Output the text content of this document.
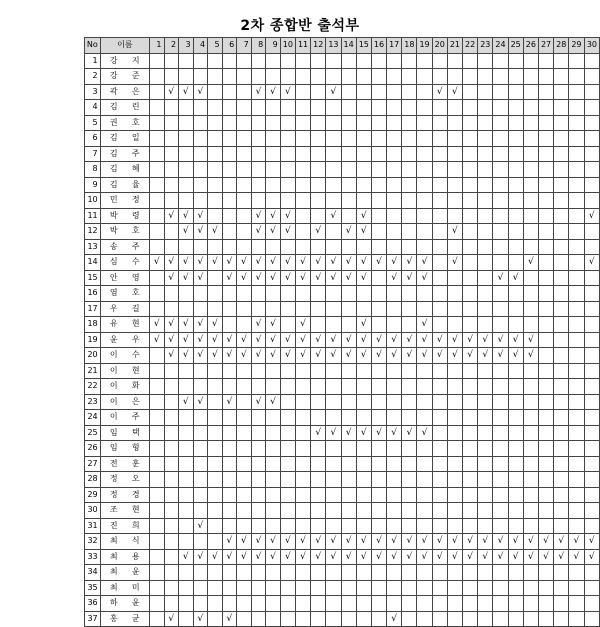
2차 종합반 출석부
No	이름	1	2	3	4	5	6	7	8	9	10	11	12	13	14	15	16	17	18	19	20	21	22	23	24	25	26	27	28	29	30
1	강 지																														
2	강 준																														
3	곽 은		√	√	√				√	√	√			√							√	√									
4	김 린																														
5	권 호																														
6	김 일																														
7	김 주																														
8	김 혜																														
9	김 율																														
10	민 정																														
11	박 령		√	√	√				√	√	√			√		√															√
12	박 호			√	√	√			√	√	√		√		√	√						√									
13	송 주																														
14	심 수	√	√	√	√	√	√	√	√	√	√	√	√	√	√	√	√	√	√	√		√					√				√
15	안 영		√	√	√		√	√	√	√	√	√	√	√	√	√		√	√	√					√	√					
16	염 호																														
17	우 길																														
18	유 현	√	√	√	√	√			√	√		√				√				√											
19	윤 우	√	√	√	√	√	√	√	√	√	√	√	√	√	√	√	√	√	√	√	√	√	√	√	√	√	√				
20	이 수		√	√	√	√	√	√	√	√	√	√	√	√	√	√	√	√	√	√	√	√	√	√	√	√	√				
21	이 현																														
22	이 화																														
23	이 은			√	√		√		√	√																					
24	이 주																														
25	임 택												√	√	√	√	√	√	√	√											
26	임 형																														
27	전 훈																														
28	정 오																														
29	정 경																														
30	조 현																														
31	진 희				√																										
32	최 식						√	√	√	√	√	√	√	√	√	√	√	√	√	√	√	√	√	√	√	√	√	√	√	√	√
33	최 용			√	√	√	√	√	√	√	√	√	√	√	√	√	√	√	√	√	√	√	√	√	√	√	√	√	√	√	√
34	최 윤																														
35	최 미																														
36	하 윤																														
37	홍 균		√		√		√											√													
